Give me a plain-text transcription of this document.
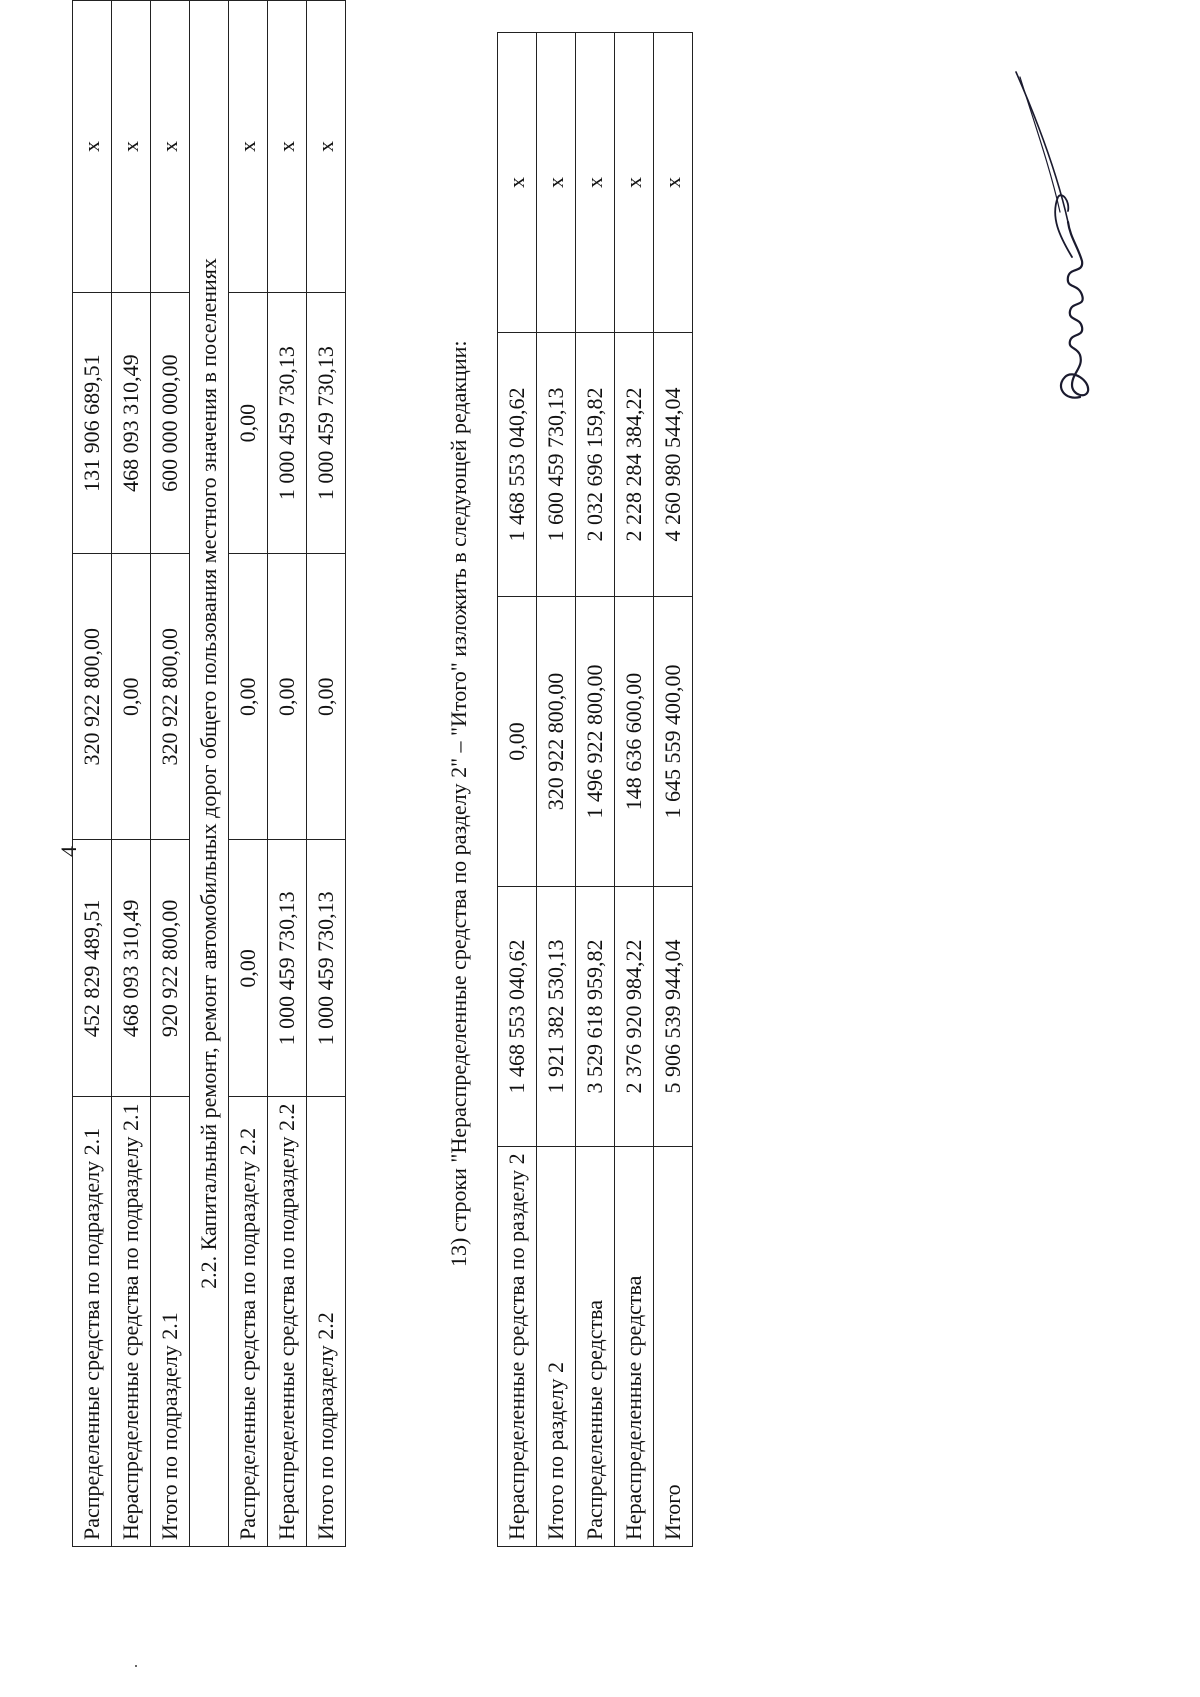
4
Распределенные средства по подразделу 2.1	452 829 489,51	320 922 800,00	131 906 689,51	х
Нераспределенные средства по подразделу 2.1	468 093 310,49	0,00	468 093 310,49	х
Итого по подразделу 2.1	920 922 800,00	320 922 800,00	600 000 000,00	х
2.2. Капитальный ремонт, ремонт автомобильных дорог общего пользования местного значения в поселениях				
Распределенные средства по подразделу 2.2	0,00	0,00	0,00	х
Нераспределенные средства по подразделу 2.2	1 000 459 730,13	0,00	1 000 459 730,13	х
Итого по подразделу 2.2	1 000 459 730,13	0,00	1 000 459 730,13	х
13) строки "Нераспределенные средства по разделу 2" – "Итого" изложить в следующей редакции:
Нераспределенные средства по разделу 2	1 468 553 040,62	0,00	1 468 553 040,62	х
Итого по разделу 2	1 921 382 530,13	320 922 800,00	1 600 459 730,13	х
Распределенные средства	3 529 618 959,82	1 496 922 800,00	2 032 696 159,82	х
Нераспределенные средства	2 376 920 984,22	148 636 600,00	2 228 284 384,22	х
Итого	5 906 539 944,04	1 645 559 400,00	4 260 980 544,04	х
